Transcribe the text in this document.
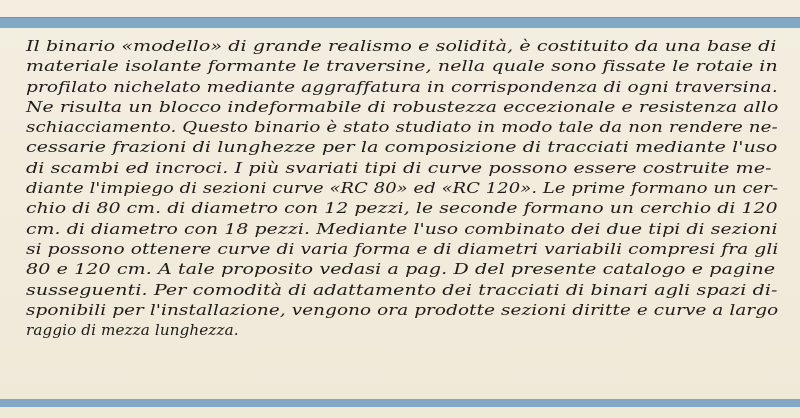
Il binario «modello» di grande realismo e solidità, è costituito da una base di
materiale isolante formante le traversine, nella quale sono fissate le rotaie in
profilato nichelato mediante aggraffatura in corrispondenza di ogni traversina.
Ne risulta un blocco indeformabile di robustezza eccezionale e resistenza allo
schiacciamento. Questo binario è stato studiato in modo tale da non rendere ne-
cessarie frazioni di lunghezze per la composizione di tracciati mediante l'uso
di scambi ed incroci. I più svariati tipi di curve possono essere costruite me-
diante l'impiego di sezioni curve «RC 80» ed «RC 120». Le prime formano un cer-
chio di 80 cm. di diametro con 12 pezzi, le seconde formano un cerchio di 120
cm. di diametro con 18 pezzi. Mediante l'uso combinato dei due tipi di sezioni
si possono ottenere curve di varia forma e di diametri variabili compresi fra gli
80 e 120 cm. A tale proposito vedasi a pag. D del presente catalogo e pagine
susseguenti. Per comodità di adattamento dei tracciati di binari agli spazi di-
sponibili per l'installazione, vengono ora prodotte sezioni diritte e curve a largo
raggio di mezza lunghezza.
